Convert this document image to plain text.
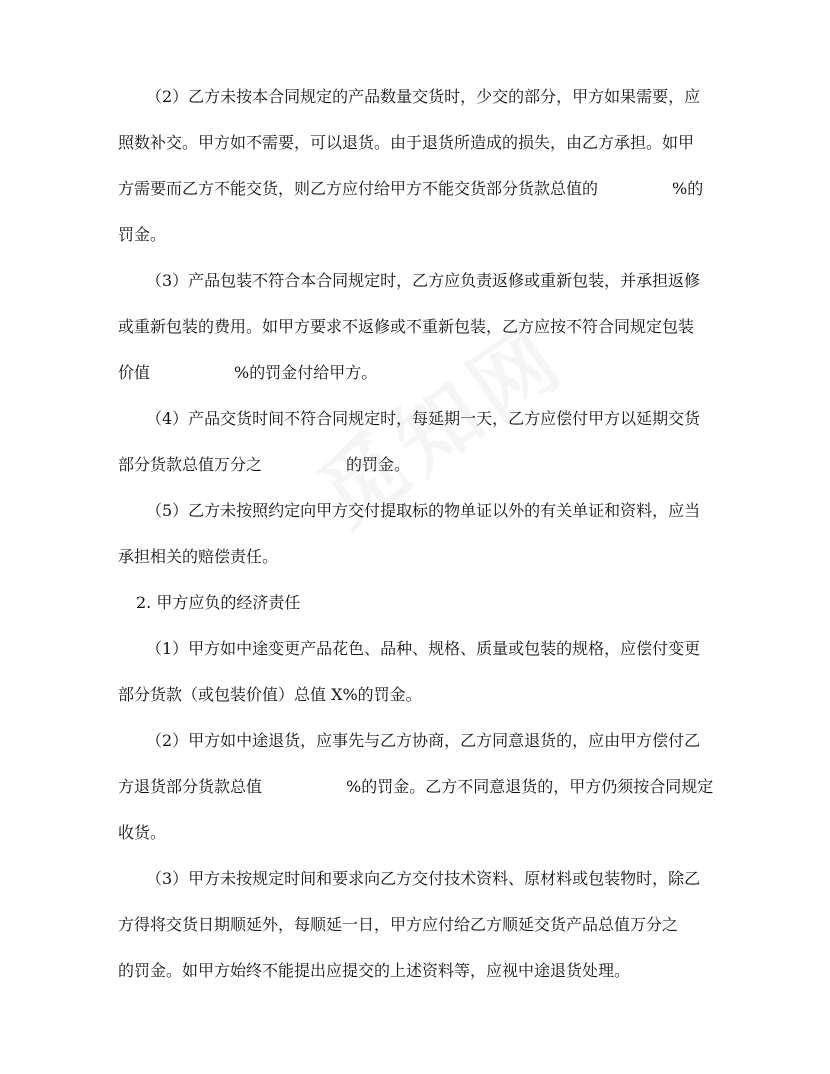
（2）乙方未按本合同规定的产品数量交货时，少交的部分，甲方如果需要，应
照数补交。甲方如不需要，可以退货。由于退货所造成的损失，由乙方承担。如甲
方需要而乙方不能交货，则乙方应付给甲方不能交货部分货款总值的	%的
罚金。
（3）产品包装不符合本合同规定时，乙方应负责返修或重新包装，并承担返修
或重新包装的费用。如甲方要求不返修或不重新包装，乙方应按不符合同规定包装
价值	%的罚金付给甲方。
（4）产品交货时间不符合同规定时，每延期一天，乙方应偿付甲方以延期交货
部分货款总值万分之	的罚金。
（5）乙方未按照约定向甲方交付提取标的物单证以外的有关单证和资料，应当
承担相关的赔偿责任。
2. 甲方应负的经济责任
（1）甲方如中途变更产品花色、品种、规格、质量或包装的规格，应偿付变更
部分货款（或包装价值）总值 X%的罚金。
（2）甲方如中途退货，应事先与乙方协商，乙方同意退货的，应由甲方偿付乙
方退货部分货款总值	%的罚金。乙方不同意退货的，甲方仍须按合同规定
收货。
（3）甲方未按规定时间和要求向乙方交付技术资料、原材料或包装物时，除乙
方得将交货日期顺延外，每顺延一日，甲方应付给乙方顺延交货产品总值万分之
的罚金。如甲方始终不能提出应提交的上述资料等，应视中途退货处理。
